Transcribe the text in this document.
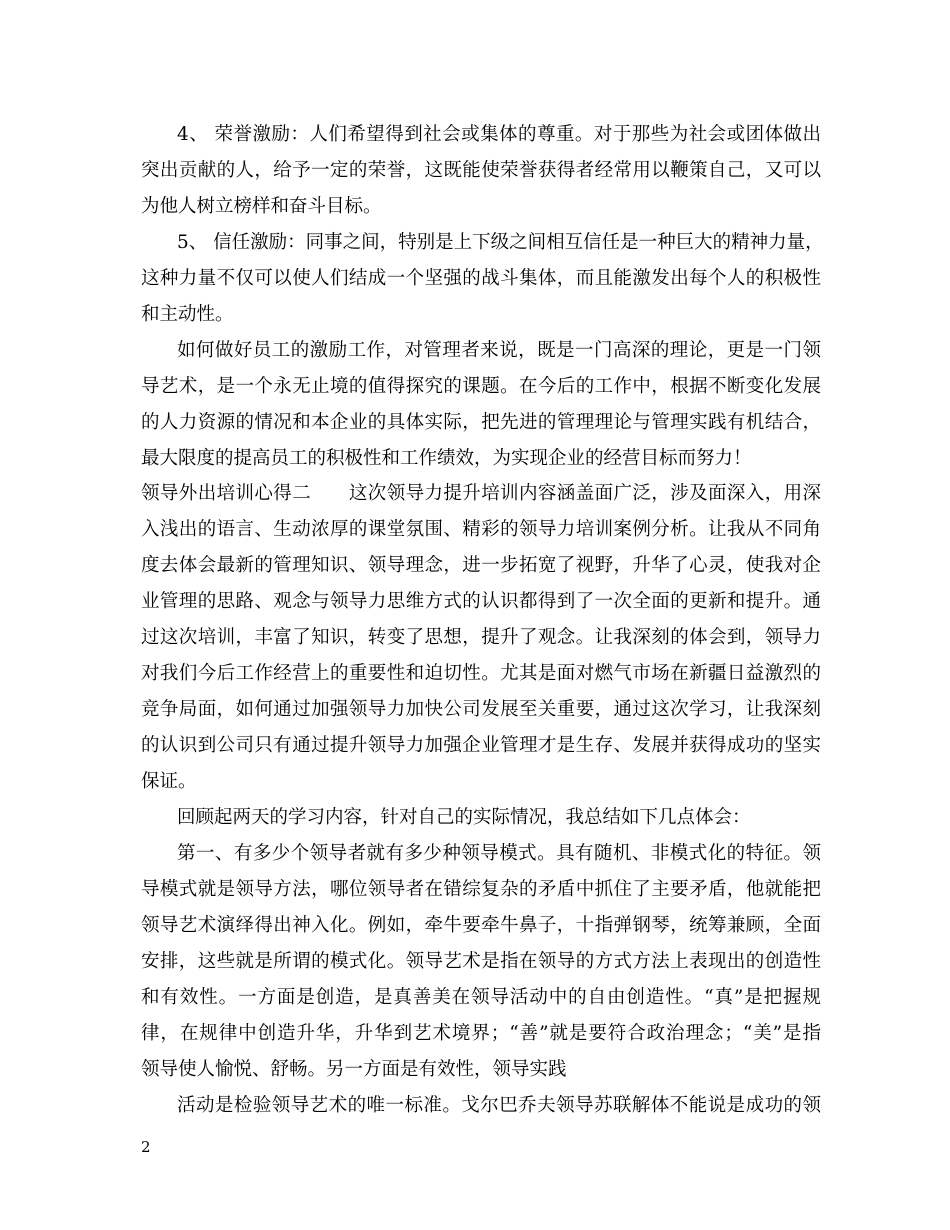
4、 荣誉激励：人们希望得到社会或集体的尊重。对于那些为社会或团体做出
突出贡献的人，给予一定的荣誉，这既能使荣誉获得者经常用以鞭策自己，又可以
为他人树立榜样和奋斗目标。
5、 信任激励：同事之间，特别是上下级之间相互信任是一种巨大的精神力量，
这种力量不仅可以使人们结成一个坚强的战斗集体，而且能激发出每个人的积极性
和主动性。
如何做好员工的激励工作，对管理者来说，既是一门高深的理论，更是一门领
导艺术，是一个永无止境的值得探究的课题。在今后的工作中，根据不断变化发展
的人力资源的情况和本企业的具体实际，把先进的管理理论与管理实践有机结合，
最大限度的提高员工的积极性和工作绩效，为实现企业的经营目标而努力！
领导外出培训心得二　　这次领导力提升培训内容涵盖面广泛，涉及面深入，用深
入浅出的语言、生动浓厚的课堂氛围、精彩的领导力培训案例分析。让我从不同角
度去体会最新的管理知识、领导理念，进一步拓宽了视野，升华了心灵，使我对企
业管理的思路、观念与领导力思维方式的认识都得到了一次全面的更新和提升。通
过这次培训，丰富了知识，转变了思想，提升了观念。让我深刻的体会到，领导力
对我们今后工作经营上的重要性和迫切性。尤其是面对燃气市场在新疆日益激烈的
竞争局面，如何通过加强领导力加快公司发展至关重要，通过这次学习，让我深刻
的认识到公司只有通过提升领导力加强企业管理才是生存、发展并获得成功的坚实
保证。
回顾起两天的学习内容，针对自己的实际情况，我总结如下几点体会：
第一、有多少个领导者就有多少种领导模式。具有随机、非模式化的特征。领
导模式就是领导方法，哪位领导者在错综复杂的矛盾中抓住了主要矛盾，他就能把
领导艺术演绎得出神入化。例如，牵牛要牵牛鼻子，十指弹钢琴，统筹兼顾，全面
安排，这些就是所谓的模式化。领导艺术是指在领导的方式方法上表现出的创造性
和有效性。一方面是创造，是真善美在领导活动中的自由创造性。“真”是把握规
律，在规律中创造升华，升华到艺术境界；“善”就是要符合政治理念；“美”是指
领导使人愉悦、舒畅。另一方面是有效性，领导实践
活动是检验领导艺术的唯一标准。戈尔巴乔夫领导苏联解体不能说是成功的领
2
